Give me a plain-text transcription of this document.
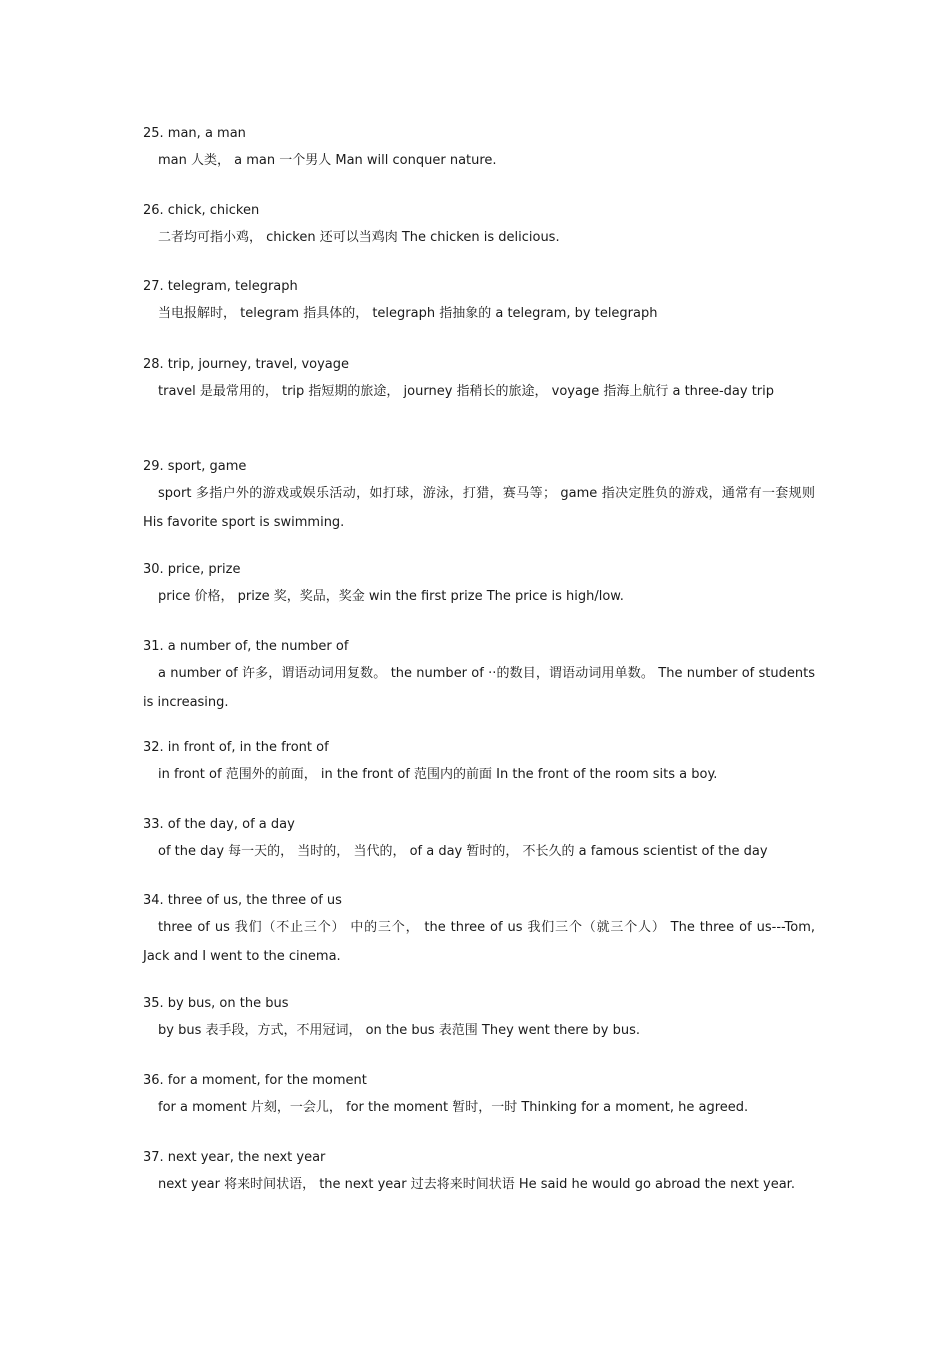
25. man, a man
man 人类， a man 一个男人 Man will conquer nature.
26. chick, chicken
二者均可指小鸡， chicken 还可以当鸡肉 The chicken is delicious.
27. telegram, telegraph
当电报解时， telegram 指具体的， telegraph 指抽象的 a telegram, by telegraph
28. trip, journey, travel, voyage
travel 是最常用的， trip 指短期的旅途， journey 指稍长的旅途， voyage 指海上航行 a three-day trip
29. sport, game
sport 多指户外的游戏或娱乐活动，如打球，游泳，打猎，赛马等； game 指决定胜负的游戏，通常有一套规则 His favorite sport is swimming.
30. price, prize
price 价格， prize 奖，奖品，奖金 win the first prize The price is high/low.
31. a number of, the number of
a number of 许多，谓语动词用复数。 the number of ··的数目，谓语动词用单数。 The number of students is increasing.
32. in front of, in the front of
in front of 范围外的前面， in the front of 范围内的前面 In the front of the room sits a boy.
33. of the day, of a day
of the day 每一天的， 当时的， 当代的， of a day 暂时的， 不长久的 a famous scientist of the day
34. three of us, the three of us
three of us 我们（不止三个） 中的三个， the three of us 我们三个（就三个人） The three of us---Tom, Jack and I went to the cinema.
35. by bus, on the bus
by bus 表手段，方式，不用冠词， on the bus 表范围 They went there by bus.
36. for a moment, for the moment
for a moment 片刻，一会儿， for the moment 暂时，一时 Thinking for a moment, he agreed.
37. next year, the next year
next year 将来时间状语， the next year 过去将来时间状语 He said he would go abroad the next year.
